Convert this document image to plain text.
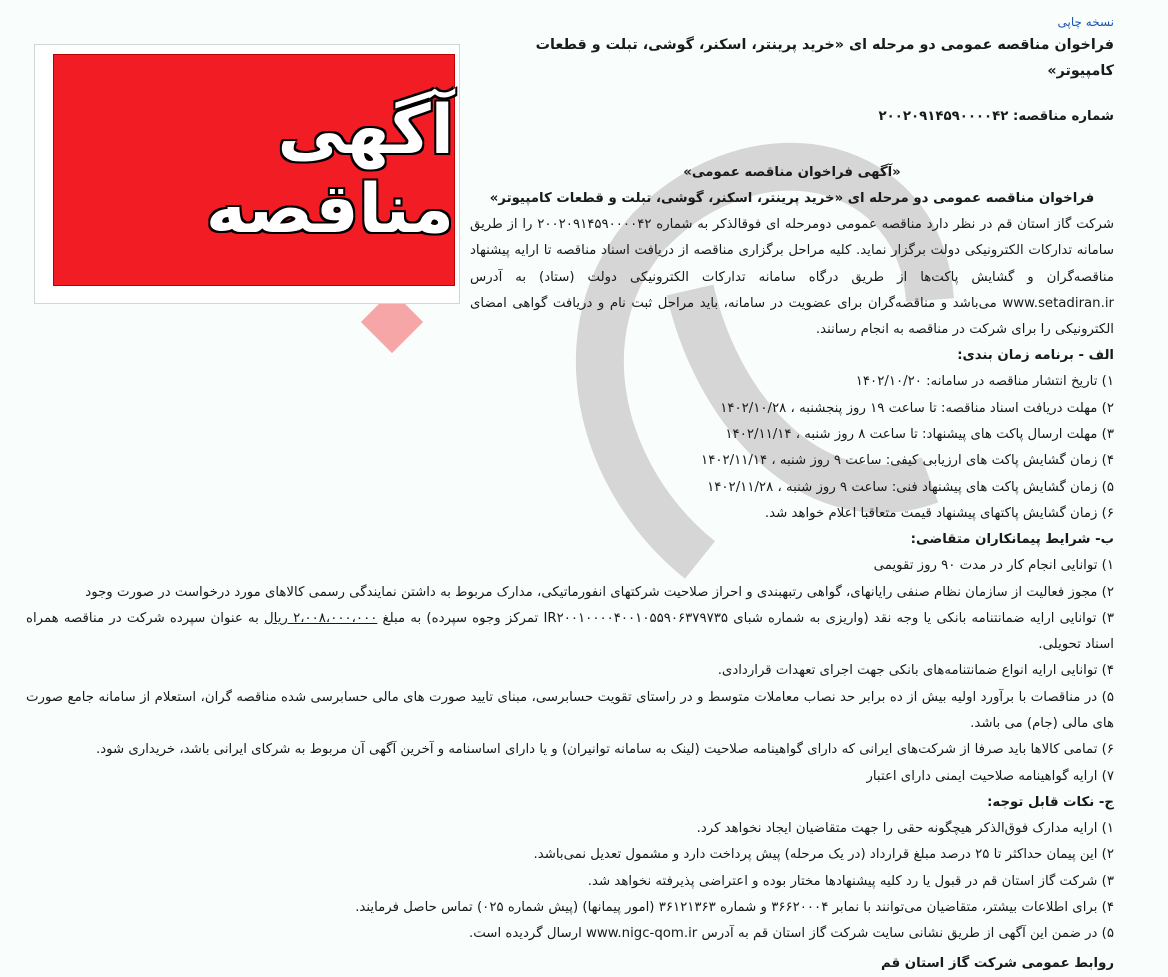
نسخه چاپی
آگهی مناقصه
فراخوان مناقصه عمومی دو مرحله ای «خرید پرینتر، اسکنر، گوشی، تبلت و قطعات کامپیوتر»
شماره مناقصه: ۲۰۰۲۰۹۱۴۵۹۰۰۰۰۴۲
«آگهی فراخوان مناقصه عمومی»
فراخوان مناقصه عمومی دو مرحله ای «خرید پرینتر، اسکنر، گوشی، تبلت و قطعات کامپیوتر»
شرکت گاز استان قم در نظر دارد مناقصه عمومی دومرحله ای فوقالذکر به شماره ۲۰۰۲۰۹۱۴۵۹۰۰۰۰۴۲ را از طریق سامانه تدارکات الکترونیکی دولت برگزار نماید. کلیه مراحل برگزاری مناقصه از دریافت اسناد مناقصه تا ارایه پیشنهاد مناقصه‌گران و گشایش پاکت‌ها از طریق درگاه سامانه تدارکات الکترونیکی دولت (ستاد) به آدرس www.setadiran.ir می‌باشد و مناقصه‌گران برای عضویت در سامانه، باید مراحل ثبت نام و دریافت گواهی امضای الکترونیکی را برای شرکت در مناقصه به انجام رسانند.
الف - برنامه زمان بندی:
۱) تاریخ انتشار مناقصه در سامانه: ۱۴۰۲/۱۰/۲۰
۲) مهلت دریافت اسناد مناقصه: تا ساعت ۱۹ روز پنجشنبه ، ۱۴۰۲/۱۰/۲۸
۳) مهلت ارسال پاکت های پیشنهاد: تا ساعت ۸ روز شنبه ، ۱۴۰۲/۱۱/۱۴
۴) زمان گشایش پاکت های ارزیابی کیفی: ساعت ۹ روز شنبه ، ۱۴۰۲/۱۱/۱۴
۵) زمان گشایش پاکت های پیشنهاد فنی: ساعت ۹ روز شنبه ، ۱۴۰۲/۱۱/۲۸
۶) زمان گشایش پاکتهای پیشنهاد قیمت متعاقبا اعلام خواهد شد.
ب- شرایط پیمانکاران متقاضی:
۱) توانایی انجام کار در مدت ۹۰ روز تقویمی
۲) مجوز فعالیت از سازمان نظام صنفی رایانهای، گواهی رتبهبندی و احراز صلاحیت شرکتهای انفورماتیکی، مدارک مربوط به داشتن نمایندگی رسمی کالاهای مورد درخواست در صورت وجود
۳) توانایی ارایه ضمانتنامه بانکی یا وجه نقد (واریزی به شماره شبای IR۲۰۰۱۰۰۰۰۴۰۰۱۰۵۵۹۰۶۳۷۹۷۳۵ تمرکز وجوه سپرده) به مبلغ ۲،۰۰۸،۰۰۰،۰۰۰ ریال به عنوان سپرده شرکت در مناقصه همراه اسناد تحویلی.
۴) توانایی ارایه انواع ضمانتنامه‌های بانکی جهت اجرای تعهدات قراردادی.
۵) در مناقصات با برآورد اولیه بیش از ده برابر حد نصاب معاملات متوسط و در راستای تقویت حسابرسی، مبنای تایید صورت های مالی حسابرسی شده مناقصه گران، استعلام از سامانه جامع صورت های مالی (جام) می باشد.
۶) تمامی کالاها باید صرفا از شرکت‌های ایرانی که دارای گواهینامه صلاحیت (لینک به سامانه توانیران) و یا دارای اساسنامه و آخرین آگهی آن مربوط به شرکای ایرانی باشد، خریداری شود.
۷) ارایه گواهینامه صلاحیت ایمنی دارای اعتبار
ج- نکات قابل توجه:
۱) ارایه مدارک فوق‌الذکر هیچگونه حقی را جهت متقاضیان ایجاد نخواهد کرد.
۲) این پیمان حداکثر تا ۲۵ درصد مبلغ قرارداد (در یک مرحله) پیش پرداخت دارد و مشمول تعدیل نمی‌باشد.
۳) شرکت گاز استان قم در قبول یا رد کلیه پیشنهادها مختار بوده و اعتراضی پذیرفته نخواهد شد.
۴) برای اطلاعات بیشتر، متقاضیان می‌توانند با نمابر ۳۶۶۲۰۰۰۴ و شماره ۳۶۱۲۱۳۶۳ (امور پیمانها) (پیش شماره ۰۲۵) تماس حاصل فرمایند.
۵) در ضمن این آگهی از طریق نشانی سایت شرکت گاز استان قم به آدرس www.nigc-qom.ir ارسال گردیده است.
روابط عمومی شرکت گاز استان قم
